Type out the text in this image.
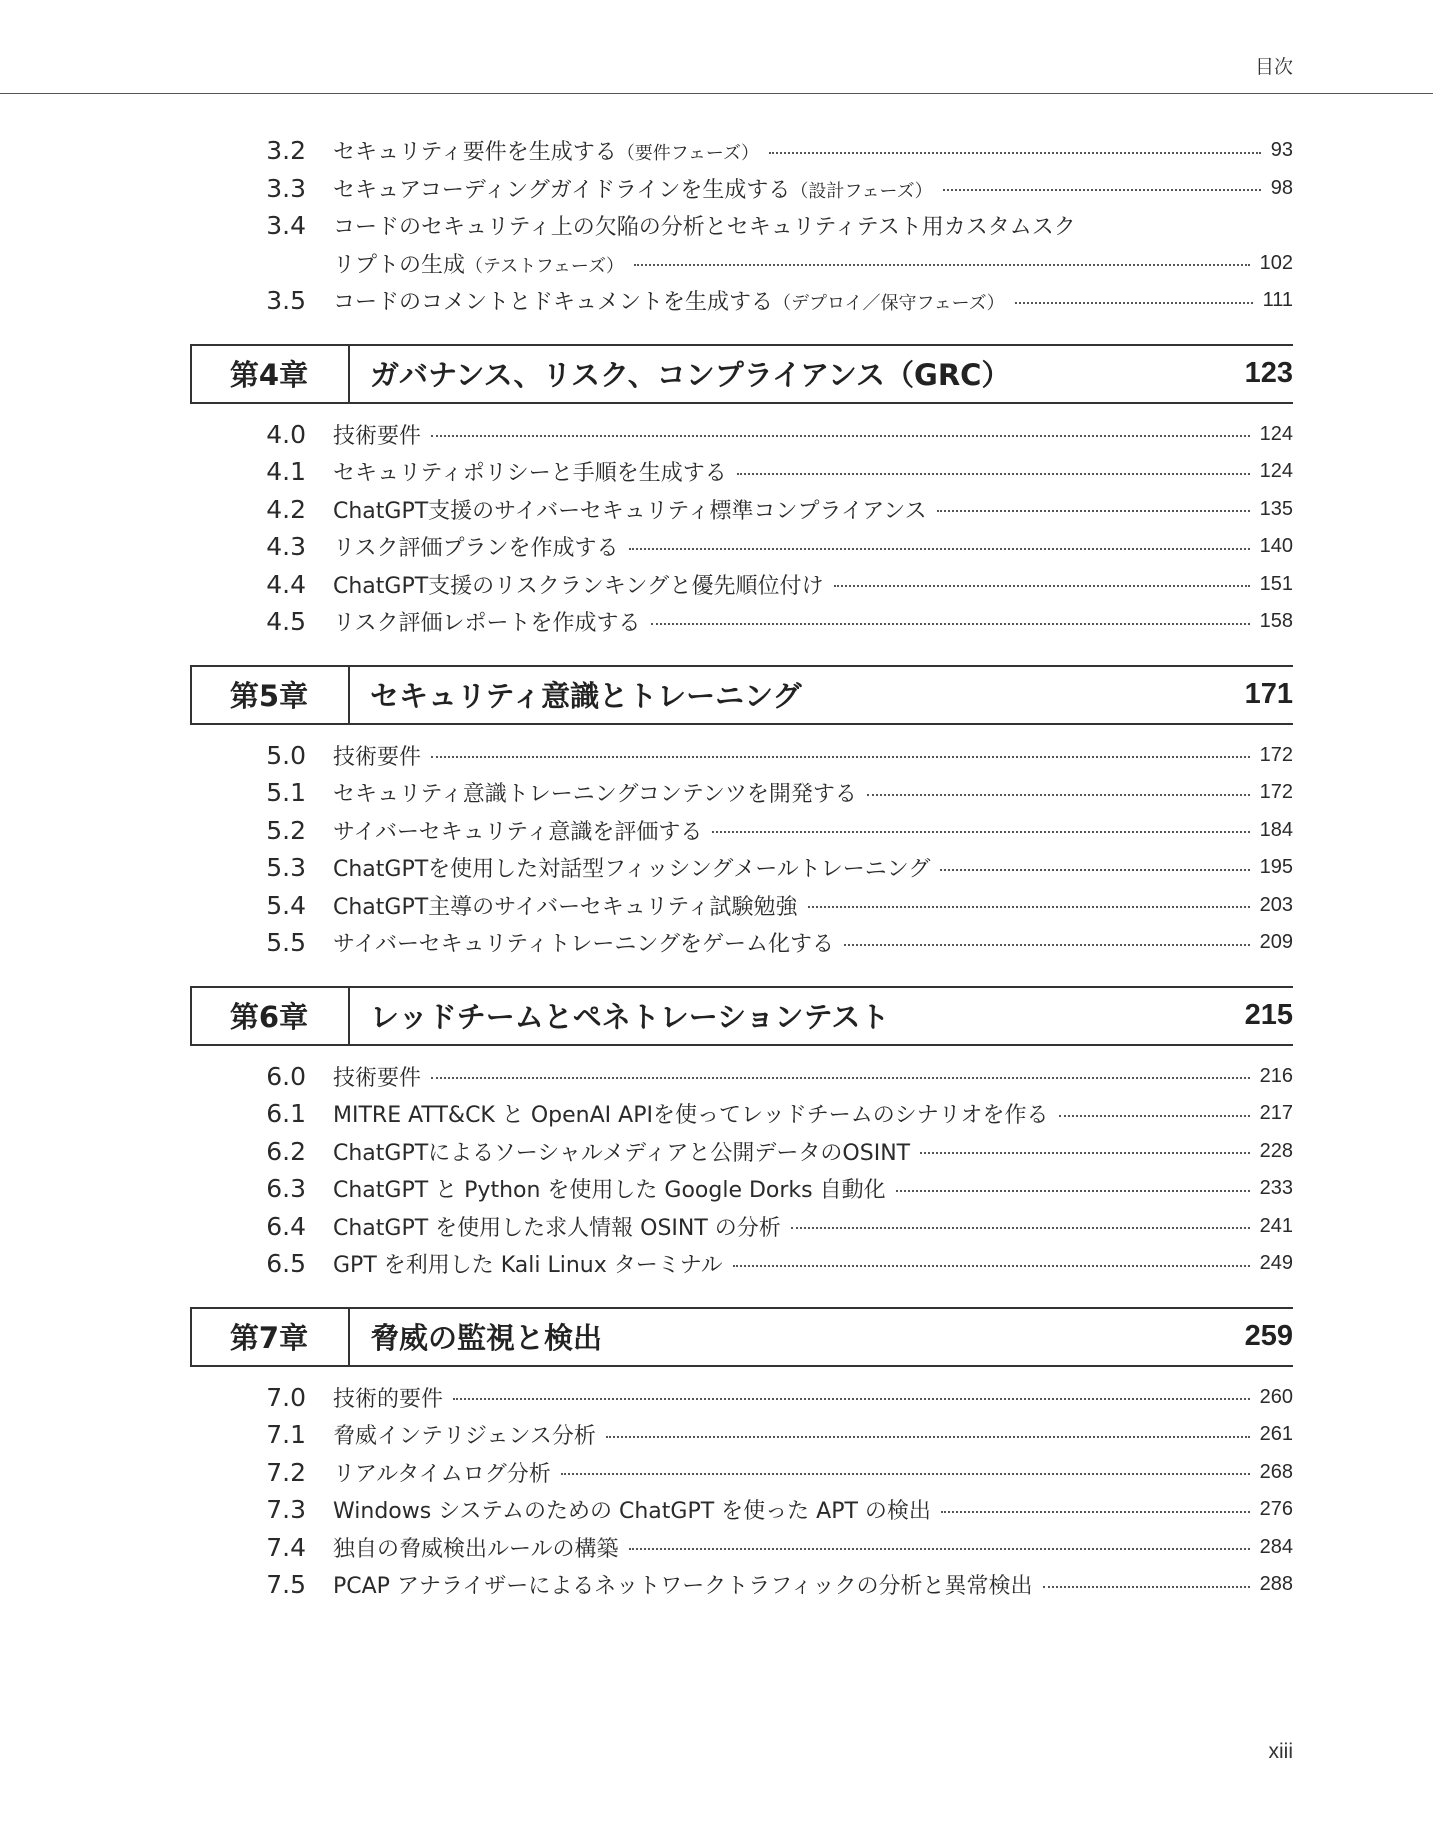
目次
3.2	セキュリティ要件を生成する（要件フェーズ）	93
3.3	セキュアコーディングガイドラインを生成する（設計フェーズ）	98
3.4	コードのセキュリティ上の欠陥の分析とセキュリティテスト用カスタムスク
リプトの生成（テストフェーズ）	102
3.5	コードのコメントとドキュメントを生成する（デプロイ／保守フェーズ）	111
第4章	ガバナンス、リスク、コンプライアンス（GRC）	123
4.0	技術要件	124
4.1	セキュリティポリシーと手順を生成する	124
4.2	ChatGPT支援のサイバーセキュリティ標準コンプライアンス	135
4.3	リスク評価プランを作成する	140
4.4	ChatGPT支援のリスクランキングと優先順位付け	151
4.5	リスク評価レポートを作成する	158
第5章	セキュリティ意識とトレーニング	171
5.0	技術要件	172
5.1	セキュリティ意識トレーニングコンテンツを開発する	172
5.2	サイバーセキュリティ意識を評価する	184
5.3	ChatGPTを使用した対話型フィッシングメールトレーニング	195
5.4	ChatGPT主導のサイバーセキュリティ試験勉強	203
5.5	サイバーセキュリティトレーニングをゲーム化する	209
第6章	レッドチームとペネトレーションテスト	215
6.0	技術要件	216
6.1	MITRE ATT&CK と OpenAI APIを使ってレッドチームのシナリオを作る	217
6.2	ChatGPTによるソーシャルメディアと公開データのOSINT	228
6.3	ChatGPT と Python を使用した Google Dorks 自動化	233
6.4	ChatGPT を使用した求人情報 OSINT の分析	241
6.5	GPT を利用した Kali Linux ターミナル	249
第7章	脅威の監視と検出	259
7.0	技術的要件	260
7.1	脅威インテリジェンス分析	261
7.2	リアルタイムログ分析	268
7.3	Windows システムのための ChatGPT を使った APT の検出	276
7.4	独自の脅威検出ルールの構築	284
7.5	PCAP アナライザーによるネットワークトラフィックの分析と異常検出	288
xiii
